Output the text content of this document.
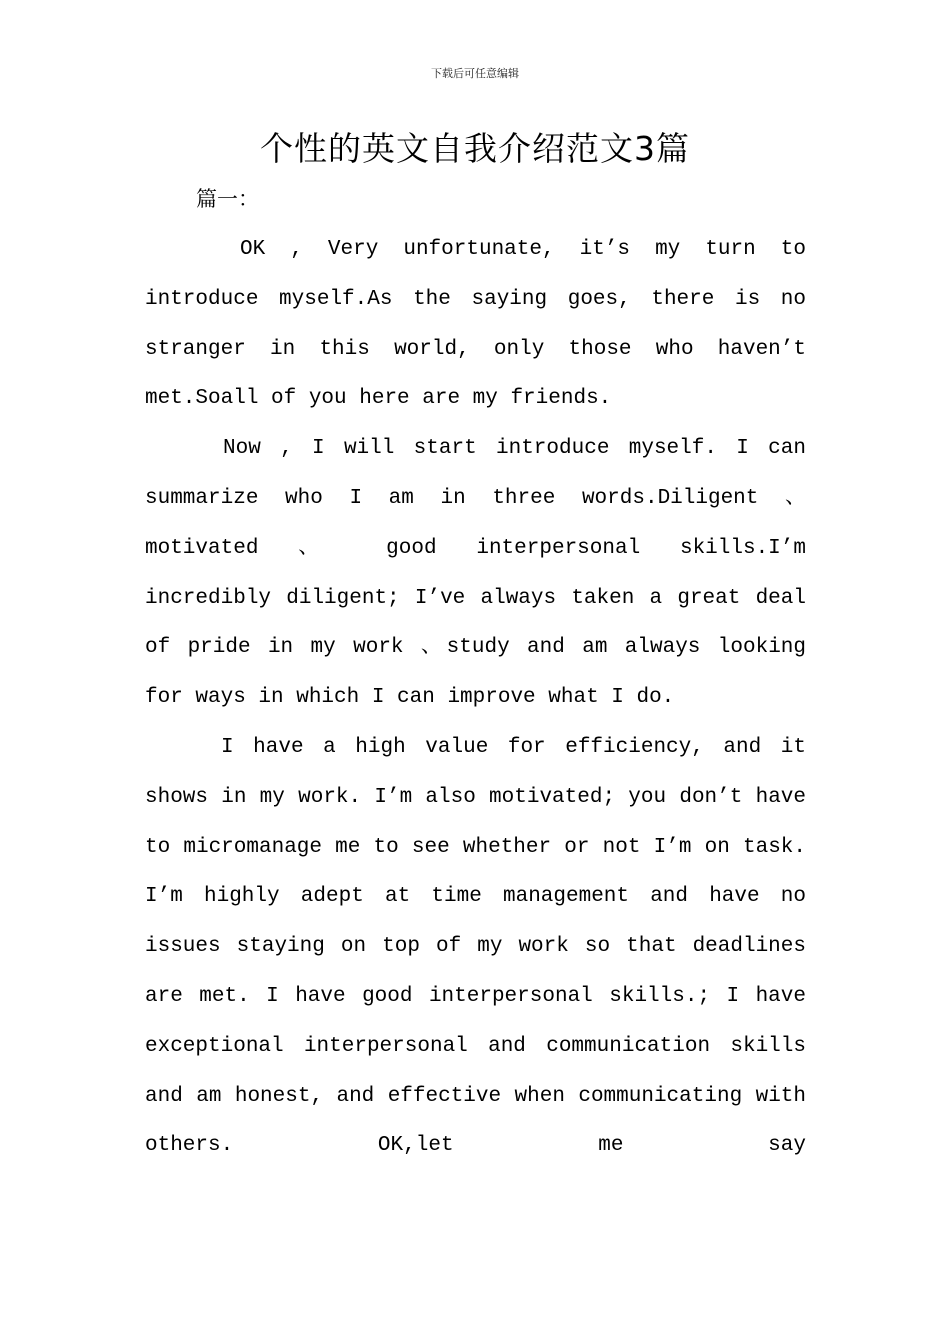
下载后可任意编辑
个性的英文自我介绍范文3篇
篇一：

OK , Very unfortunate, it’s my turn to introduce myself.As the saying goes, there is no stranger in this world, only those who haven’t met.Soall of you here are my friends.

Now , I will start introduce myself. I can summarize who I am in three words.Diligent 、 motivated 、 good interpersonal skills.I’m incredibly diligent; I’ve always taken a great deal of pride in my work 、study and am always looking for ways in which I can improve what I do.

I have a high value for efficiency, and it shows in my work. I’m also motivated; you don’t have to micromanage me to see whether or not I’m on task. I’m highly adept at time management and have no issues staying on top of my work so that deadlines are met. I have good interpersonal skills.; I have exceptional interpersonal and communication skills and am honest, and effective when communicating with others. OK,let me say
